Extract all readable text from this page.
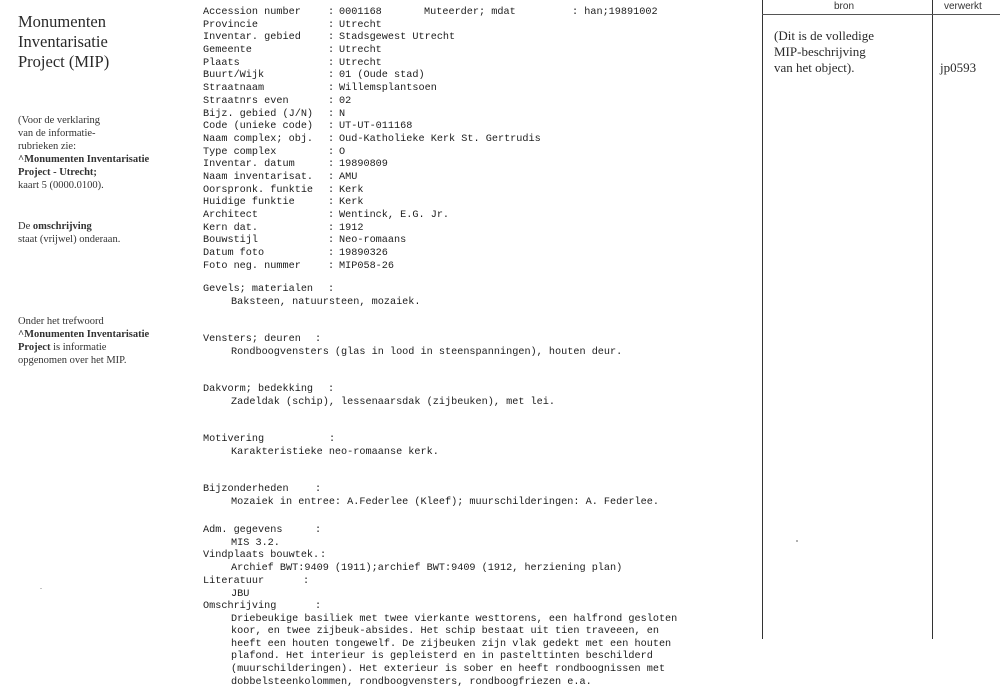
Monumenten
Inventarisatie
Project (MIP)
(Voor de verklaring
van de informatie-
rubrieken zie:
^Monumenten Inventarisatie
Project - Utrecht;
kaart 5 (0000.0100).
De omschrijving
staat (vrijwel) onderaan.
Onder het trefwoord
^Monumenten Inventarisatie
Project is informatie
opgenomen over het MIP.
.
Muteerder; mdat	: han;19891002
Accession number	: 0001168
Provincie	: Utrecht
Inventar. gebied	: Stadsgewest Utrecht
Gemeente	: Utrecht
Plaats	: Utrecht
Buurt/Wijk	: 01 (Oude stad)
Straatnaam	: Willemsplantsoen
Straatnrs even	: 02
Bijz. gebied (J/N) : N
Code (unieke code) : UT-UT-011168
Naam complex; obj. : Oud-Katholieke Kerk St. Gertrudis
Type complex	: O
Inventar. datum	: 19890809
Naam inventarisat. : AMU
Oorspronk. funktie : Kerk
Huidige funktie	: Kerk
Architect	: Wentinck, E.G. Jr.
Kern dat.	: 1912
Bouwstijl	: Neo-romaans
Datum foto	: 19890326
Foto neg. nummer	: MIP058-26
Gevels; materialen :
Baksteen, natuursteen, mozaiek.
Vensters; deuren :
Rondboogvensters (glas in lood in steenspanningen), houten deur.
Dakvorm; bedekking :
Zadeldak (schip), lessenaarsdak (zijbeuken), met lei.
Motivering	:
Karakteristieke neo-romaanse kerk.
Bijzonderheden	:
Mozaiek in entree: A.Federlee (Kleef); muurschilderingen: A. Federlee.
Adm. gegevens	:
MIS 3.2.
Vindplaats bouwtek. :
Archief BWT:9409 (1911);archief BWT:9409 (1912, herziening plan)
Literatuur	:
JBU
Omschrijving	:
Driebeukige basiliek met twee vierkante westtorens, een halfrond gesloten
koor, en twee zijbeuk-absides. Het schip bestaat uit tien traveeen, en
heeft een houten tongewelf. De zijbeuken zijn vlak gedekt met een houten
plafond. Het interieur is gepleisterd en in pastelttinten beschilderd
(muurschilderingen). Het exterieur is sober en heeft rondboognissen met
dobbelsteenkolommen, rondboogvensters, rondboogfriezen e.a.
bron	verwerkt
(Dit is de volledige
MIP-beschrijving
van het object).	jp0593
